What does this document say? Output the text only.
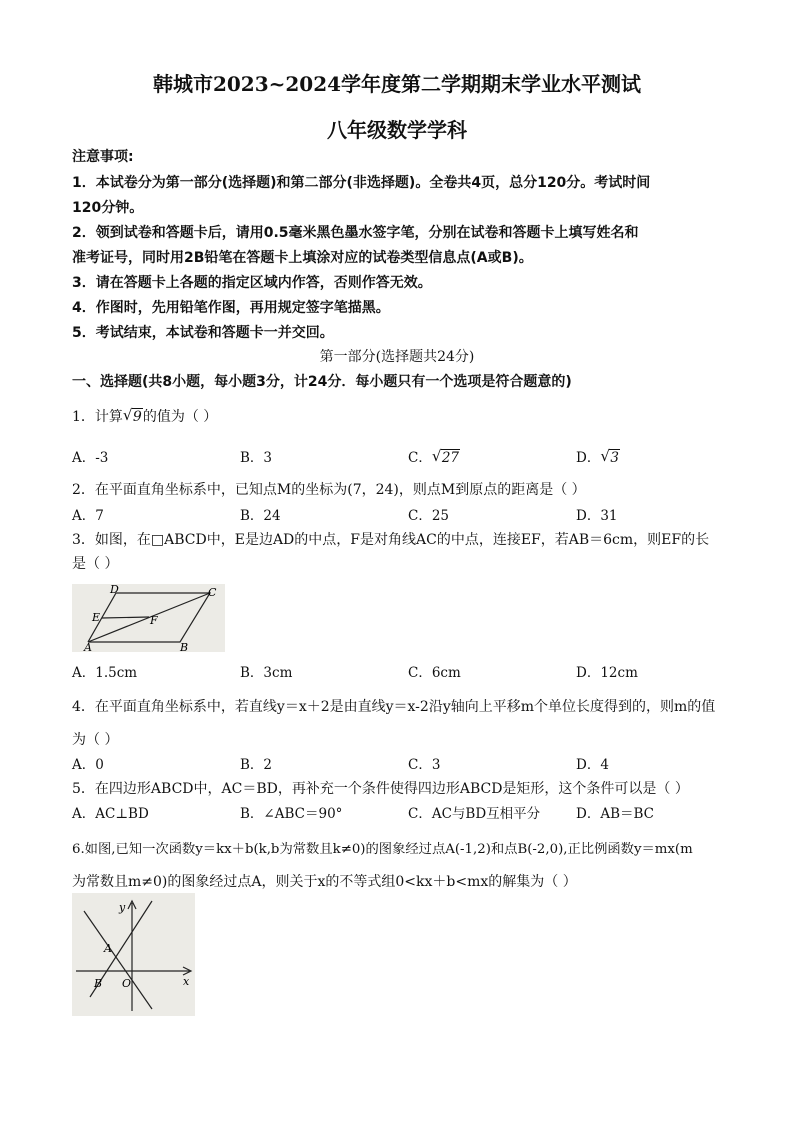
韩城市2023~2024学年度第二学期期末学业水平测试
八年级数学学科
注意事项:
1．本试卷分为第一部分(选择题)和第二部分(非选择题)。全卷共4页，总分120分。考试时间
120分钟。
2．领到试卷和答题卡后，请用0.5毫米黑色墨水签字笔，分别在试卷和答题卡上填写姓名和
准考证号，同时用2B铅笔在答题卡上填涂对应的试卷类型信息点(A或B)。
3．请在答题卡上各题的指定区域内作答，否则作答无效。
4．作图时，先用铅笔作图，再用规定签字笔描黑。
5．考试结束，本试卷和答题卡一并交回。
第一部分(选择题共24分)
一、选择题(共8小题，每小题3分，计24分．每小题只有一个选项是符合题意的)
1．计算 √ 9的值为（ ）
A．-3	B．3	C． √ 27	D． √ 3
2．在平面直角坐标系中，已知点M的坐标为(7，24)，则点M到原点的距离是（ ）
A．7	B．24	C．25	D．31
3．如图，在□ABCD中，E是边AD的中点，F是对角线AC的中点，连接EF，若AB＝6cm，则EF的长
是（ ）
D	C
E	F
A	B
A．1.5cm	B．3cm	C．6cm	D．12cm
4．在平面直角坐标系中，若直线y＝x＋2是由直线y＝x-2沿y轴向上平移m个单位长度得到的，则m的值
为（ ）
A．0	B．2	C．3	D．4
5．在四边形ABCD中，AC＝BD，再补充一个条件使得四边形ABCD是矩形，这个条件可以是（ ）
A．AC⊥BD	B．∠ABC＝90°	C．AC与BD互相平分	D．AB＝BC
6.如图,已知一次函数y＝kx＋b(k,b为常数且k≠0)的图象经过点A(-1,2)和点B(-2,0),正比例函数y＝mx(m
为常数且m≠0)的图象经过点A，则关于x的不等式组0<kx＋b<mx的解集为（ ）
y
x
A
B O
